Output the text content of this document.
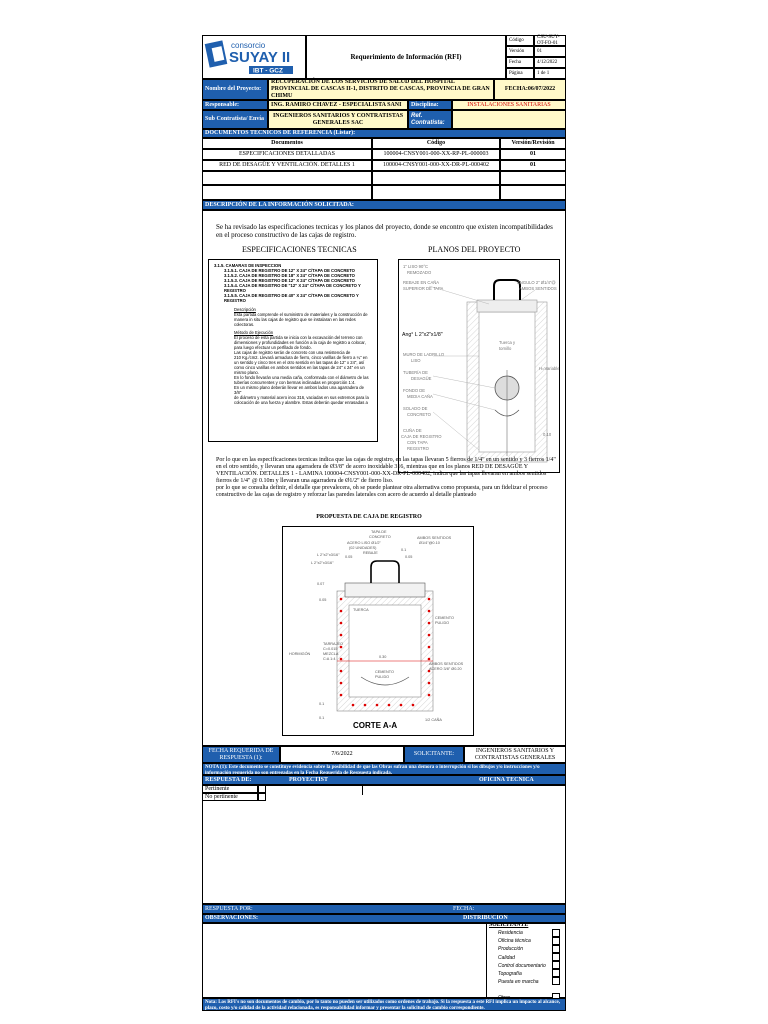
consorcio
SUYAY II
IBT - GCZ
Requerimiento de Información (RFI)
Código
CSU-SUY-OT-FO-01
Versión	01
Fecha	4/12/2022
Página	1 de 1
Nombre del Proyecto:
RECUPERACIÓN DE LOS SERVICIOS DE SALUD DEL HOSPITAL PROVINCIAL DE CASCAS II-1, DISTRITO DE CASCAS, PROVINCIA DE GRAN CHIMU
FECHA:06/07/2022
Responsable:	ING. RAMIRO CHAVEZ - ESPECIALISTA SANI	Disciplina:	INSTALACIONES SANITARIAS
Sub Contratista/ Envía
INGENIEROS SANITARIOS Y CONTRATISTAS GENERALES SAC
Ref. Contratista:
DOCUMENTOS TECNICOS DE REFERENCIA (Listar):
Documentos	Código	Versión/Revisión
ESPECIFICACIONES DETALLADAS	100004-CNSY001-000-XX-RP-PL-000003	01
RED DE DESAGÜE Y VENTILACIÓN. DETALLES 1	100004-CNSY001-000-XX-DR-PL-000402	01
DESCRIPCIÓN DE LA INFORMACIÓN SOLICITADA:
Se ha revisado las especificaciones tecnicas y los planos del proyecto, donde se encontro que existen incompatibilidades en el proceso constructivo de las cajas de registro.
ESPECIFICACIONES TECNICAS	PLANOS DEL PROYECTO
3.1.5. CAMARAS DE INSPECCION
3.1.5.1. CAJA DE REGISTRO DE 12" X 24" C/TAPA DE CONCRETO
3.1.5.2. CAJA DE REGISTRO DE 18" X 24" C/TAPA DE CONCRETO
3.1.5.3. CAJA DE REGISTRO DE 12" X 24" C/TAPA DE CONCRETO
3.1.5.4. CAJA DE REGISTRO DE "12" X 24" C/TAPA DE CONCRETO Y REGISTRO
3.1.5.5. CAJA DE REGISTRO DE 40" X 24" C/TAPA DE CONCRETO Y REGISTRO
Descripción
Esta partida comprende el suministro de materiales y la construcción de
manera in situ las cajas de registro que se instalaran en las redes
colectoras.
Método de Ejecución
El proceso de esta partida se inicia con la excavación del terreno con
dimensiones y profundidades en función a la caja de registro a colocar,
para luego efectuar un perfilado de fondo.
Las cajas de registro serán de concreto con una resistencia de
210 Kg./cm2. Llevará armadura de fierro, cinco varillas de fierro a ¼" en
un sentido y cinco tres en el otro sentido en las tapas de 12" x 24", así
como cinco varillas en ambos sentidos en las tapas de 24" x 24" en un
mismo plano.
En lo fondo llevarán una media caña, conformada con el diámetro de las
tuberías concurrentes y con bermas inclinadas en proporción 1:4.
En un mismo plano deberán llevar en ambos lados una agarradera de 3/8"
de diámetro y material acero inox 316, vaciadas en sus extremos para la
colocación de una fuerza y alambre. Estas deberán quedar enrasadas a
1" LISO 90°C
REMOZADO
REBAJE EN CAÑA
SUPERIOR DE TAPA
ANGULO 2" Ø1/4"@
AMBOS SENTIDOS
Ang° L 2"x2"x1/8"
Tuerca y
tornillo
MURO DE LADRILLO
LISO
TUBERÍA DE
DESAGÜE
FONDO DE
MEDIA CAÑA
SOLADO DE
CONCRETO
CUÑA DE
CAJA DE REGISTRO
CON TAPA
REGISTRO
H=Variable
0.10
Por lo que en las especificaciones tecnicas indica que las cajas de registro, en las tapas llevaran 5 fierros de 1/4" en un sentido y 3 fierros 1/4" en el otro sentido, y llevaran una agarradera de Ø3/8" de acero inoxidable 316, mientras que en los planos RED DE DESAGÜE Y VENTILACIÓN. DETALLES 1 - LAMINA 100004-CNSY001-000-XX-DR-PL-000402, indica que las tapas llevaran en ambos sentidos fierros de 1/4" @ 0.10m y llevaran una agarradera de Ø1/2" de fierro liso.
por lo que se consulta definir, el detalle que prevalecera, oh se puede plantear otra alternativa como propuesta, para un fidelizar el proceso constructivo de las cajas de registro y reforzar las paredes laterales con acero de acuerdo al detalle planteado
PROPUESTA DE CAJA DE REGISTRO
TAPA DE
CONCRETO
ACERO LISO Ø1/2"
(02 UNIDADES)
L 2"x2"x3/16"
L 2"x2"x3/16"
0.05	0.05
REBAJE
0.1
AMBOS SENTIDOS
Ø1/4"@0.10
0.07
0.05
TUERCA
CEMENTO
PULIDO
HORMIGÓN
TARRAJEO
C=0.015
MEZCLA
C:A 1:4	0.30
AMBOS SENTIDOS
ACERO 3/8" Ø0.20
CEMENTO
PULIDO
0.1
CORTE A-A
1/2 CAÑA
0.1
FECHA REQUERIDA DE RESPUESTA (1):
7/6/2022	SOLICITANTE:
INGENIEROS SANITARIOS Y CONTRATISTAS GENERALES
NOTA (1): Este documento se constituye evidencia sobre la posibilidad de que las Obras sufran una demora o interrupción si los dibujos y/o instrucciones y/o información requerida no son entregadas en la Fecha Requerida de Respuesta indicada.
RESPUESTA DE:	PROYECTIST	OFICINA TECNICA
Pertinente
No pertinente
RESPUESTA POR:	FECHA:
OBSERVACIONES:	DISTRIBUCION
SOLICITANTE
Residencia
Oficina técnica
Producción
Calidad
Control documentario
Topografía
Puesta en marcha
Nota: Los RFI's no son documentos de cambio, por lo tanto no pueden ser utilizados como ordenes de trabajo. Si la respuesta a este RFI implica un impacto al alcance, plazo, costo y/o calidad de la actividad relacionada, es responsabilidad informar y presentar la solicitud de cambio correspondiente.
